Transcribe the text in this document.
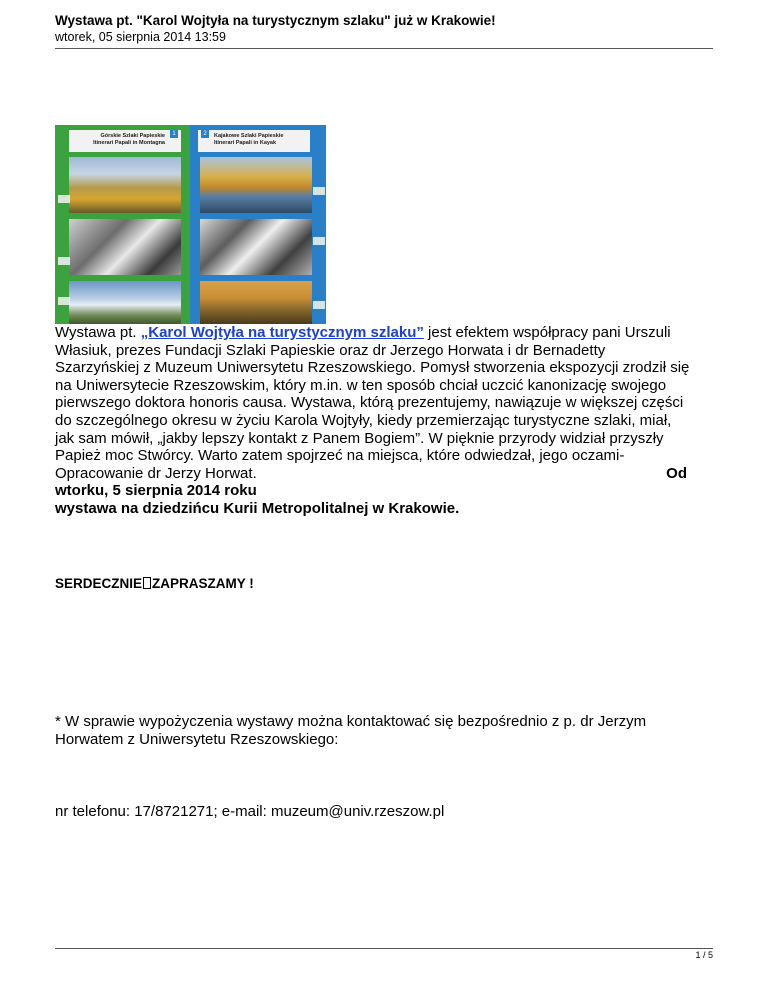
Wystawa pt. "Karol Wojtyła na turystycznym szlaku" już w Krakowie!
wtorek, 05 sierpnia 2014 13:59
Górskie Szlaki Papieskie
Itinerari Papali in Montagna
1	Kajakowe Szlaki Papieskie
Itinerari Papali in Kayak
2
Wystawa pt. „Karol Wojtyła na turystycznym szlaku” jest efektem współpracy pani Urszuli
Własiuk, prezes Fundacji Szlaki Papieskie oraz dr Jerzego Horwata i dr Bernadetty
Szarzyńskiej z Muzeum Uniwersytetu Rzeszowskiego. Pomysł stworzenia ekspozycji zrodził się
na Uniwersytecie Rzeszowskim, który m.in. w ten sposób chciał uczcić kanonizację swojego
pierwszego doktora honoris causa. Wystawa, którą prezentujemy, nawiązuje w większej części
do szczególnego okresu w życiu Karola Wojtyły, kiedy przemierzając turystyczne szlaki, miał,
jak sam mówił, „jakby lepszy kontakt z Panem Bogiem”. W pięknie przyrody widział przyszły
Papież moc Stwórcy. Warto zatem spojrzeć na miejsca, które odwiedzał, jego oczami-
Opracowanie dr Jerzy Horwat.	Od
wtorku, 5 sierpnia 2014 roku
wystawa na dziedzińcu Kurii Metropolitalnej w Krakowie.
SERDECZNIE ZAPRASZAMY !
* W sprawie wypożyczenia wystawy można kontaktować się bezpośrednio z p. dr Jerzym
Horwatem z Uniwersytetu Rzeszowskiego:
nr telefonu: 17/8721271; e-mail: muzeum@univ.rzeszow.pl
1 / 5
